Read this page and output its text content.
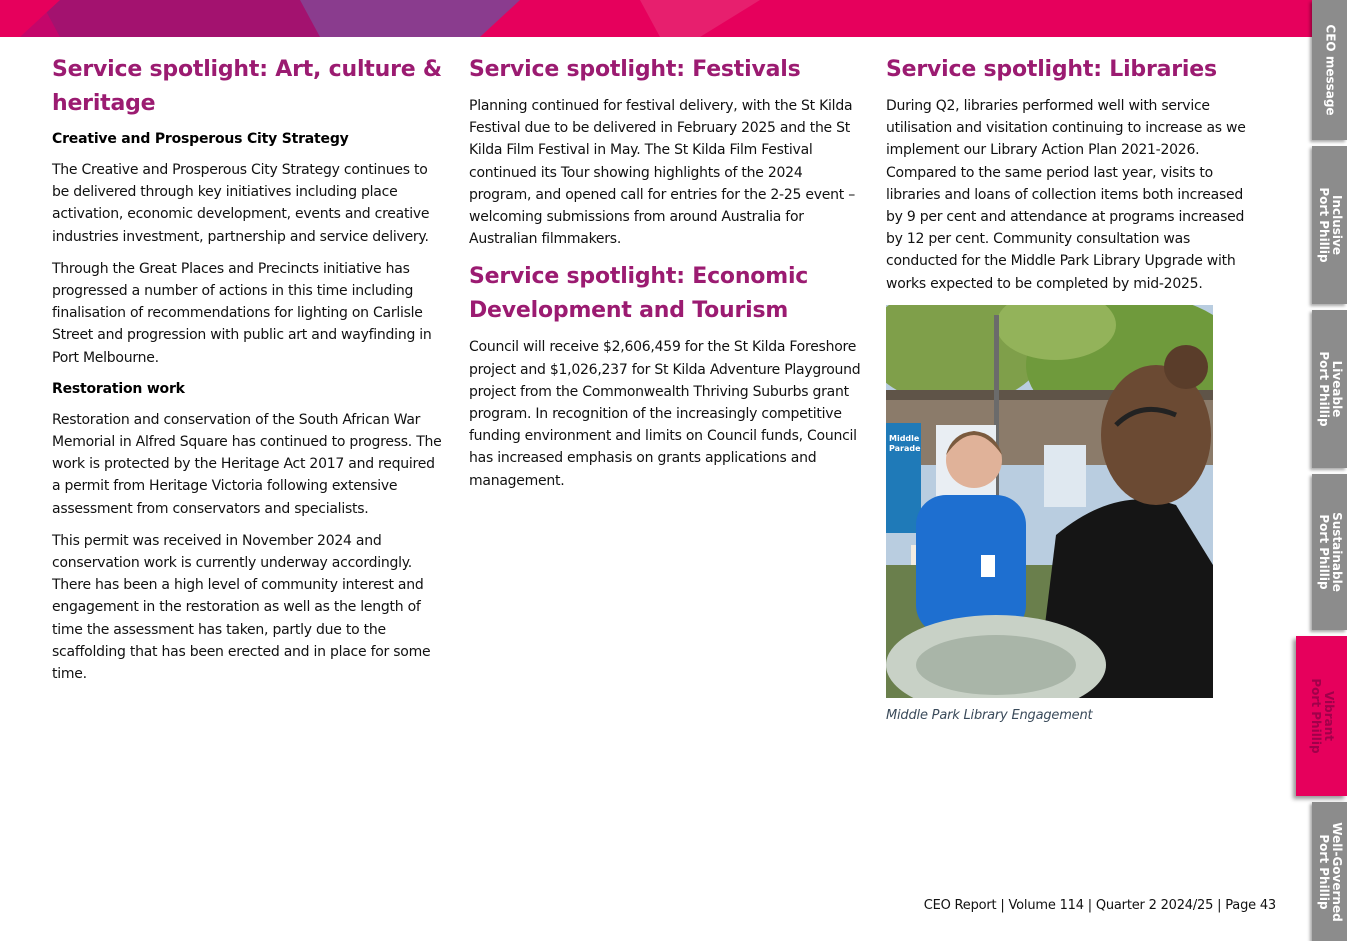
CEO message
Inclusive
Port Phillip
Liveable
Port Phillip
Sustainable
Port Phillip
Vibrant
Port Phillip
Well-Governed
Port Phillip
Service spotlight: Art, culture & heritage
Creative and Prosperous City Strategy

The Creative and Prosperous City Strategy continues to be delivered through key initiatives including place activation, economic development, events and creative industries investment, partnership and service delivery.

Through the Great Places and Precincts initiative has progressed a number of actions in this time including finalisation of recommendations for lighting on Carlisle Street and progression with public art and wayfinding in Port Melbourne.

Restoration work

Restoration and conservation of the South African War Memorial in Alfred Square has continued to progress. The work is protected by the Heritage Act 2017 and required a permit from Heritage Victoria following extensive assessment from conservators and specialists.

This permit was received in November 2024 and conservation work is currently underway accordingly. There has been a high level of community interest and engagement in the restoration as well as the length of time the assessment has taken, partly due to the scaffolding that has been erected and in place for some time.

Service spotlight: Festivals

Planning continued for festival delivery, with the St Kilda Festival due to be delivered in February 2025 and the St Kilda Film Festival in May. The St Kilda Film Festival continued its Tour showing highlights of the 2024 program, and opened call for entries for the 2-25 event – welcoming submissions from around Australia for Australian filmmakers.

Service spotlight: Economic Development and Tourism

Council will receive $2,606,459 for the St Kilda Foreshore project and $1,026,237 for St Kilda Adventure Playground project from the Commonwealth Thriving Suburbs grant program. In recognition of the increasingly competitive funding environment and limits on Council funds, Council has increased emphasis on grants applications and management.

Service spotlight: Libraries

During Q2, libraries performed well with service utilisation and visitation continuing to increase as we implement our Library Action Plan 2021-2026. Compared to the same period last year, visits to libraries and loans of collection items both increased by 9 per cent and attendance at programs increased by 12 per cent. Community consultation was conducted for the Middle Park Library Upgrade with works expected to be completed by mid-2025.

Middle Parade
Middle Park Library Engagement
CEO Report | Volume 114 | Quarter 2 2024/25 | Page 43
